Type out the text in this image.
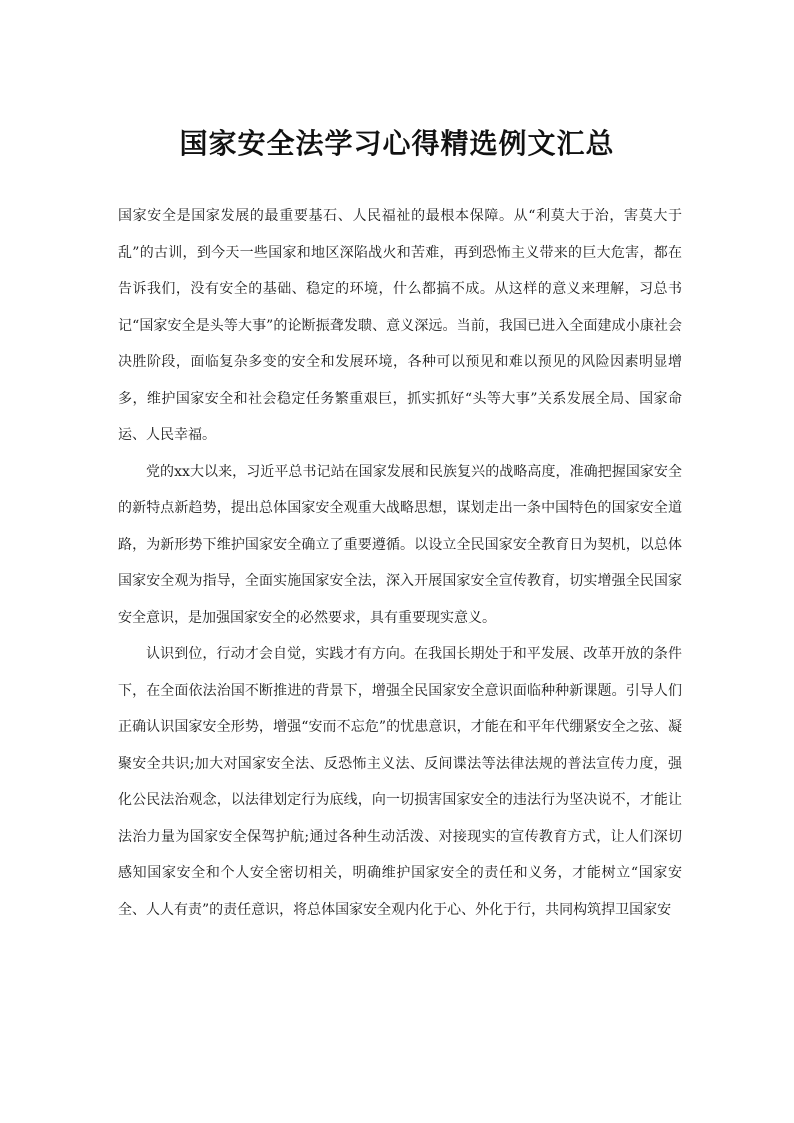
国家安全法学习心得精选例文汇总

国家安全是国家发展的最重要基石、人民福祉的最根本保障。从“利莫大于治，害莫大于乱”的古训，到今天一些国家和地区深陷战火和苦难，再到恐怖主义带来的巨大危害，都在告诉我们，没有安全的基础、稳定的环境，什么都搞不成。从这样的意义来理解，习总书记“国家安全是头等大事”的论断振聋发聩、意义深远。当前，我国已进入全面建成小康社会决胜阶段，面临复杂多变的安全和发展环境，各种可以预见和难以预见的风险因素明显增多，维护国家安全和社会稳定任务繁重艰巨，抓实抓好“头等大事”关系发展全局、国家命运、人民幸福。

党的xx大以来，习近平总书记站在国家发展和民族复兴的战略高度，准确把握国家安全的新特点新趋势，提出总体国家安全观重大战略思想，谋划走出一条中国特色的国家安全道路，为新形势下维护国家安全确立了重要遵循。以设立全民国家安全教育日为契机，以总体国家安全观为指导，全面实施国家安全法，深入开展国家安全宣传教育，切实增强全民国家安全意识，是加强国家安全的必然要求，具有重要现实意义。

认识到位，行动才会自觉，实践才有方向。在我国长期处于和平发展、改革开放的条件下，在全面依法治国不断推进的背景下，增强全民国家安全意识面临种种新课题。引导人们正确认识国家安全形势，增强“安而不忘危”的忧患意识，才能在和平年代绷紧安全之弦、凝聚安全共识;加大对国家安全法、反恐怖主义法、反间谍法等法律法规的普法宣传力度，强化公民法治观念，以法律划定行为底线，向一切损害国家安全的违法行为坚决说不，才能让法治力量为国家安全保驾护航;通过各种生动活泼、对接现实的宣传教育方式，让人们深切感知国家安全和个人安全密切相关，明确维护国家安全的责任和义务，才能树立“国家安全、人人有责”的责任意识，将总体国家安全观内化于心、外化于行，共同构筑捍卫国家安
